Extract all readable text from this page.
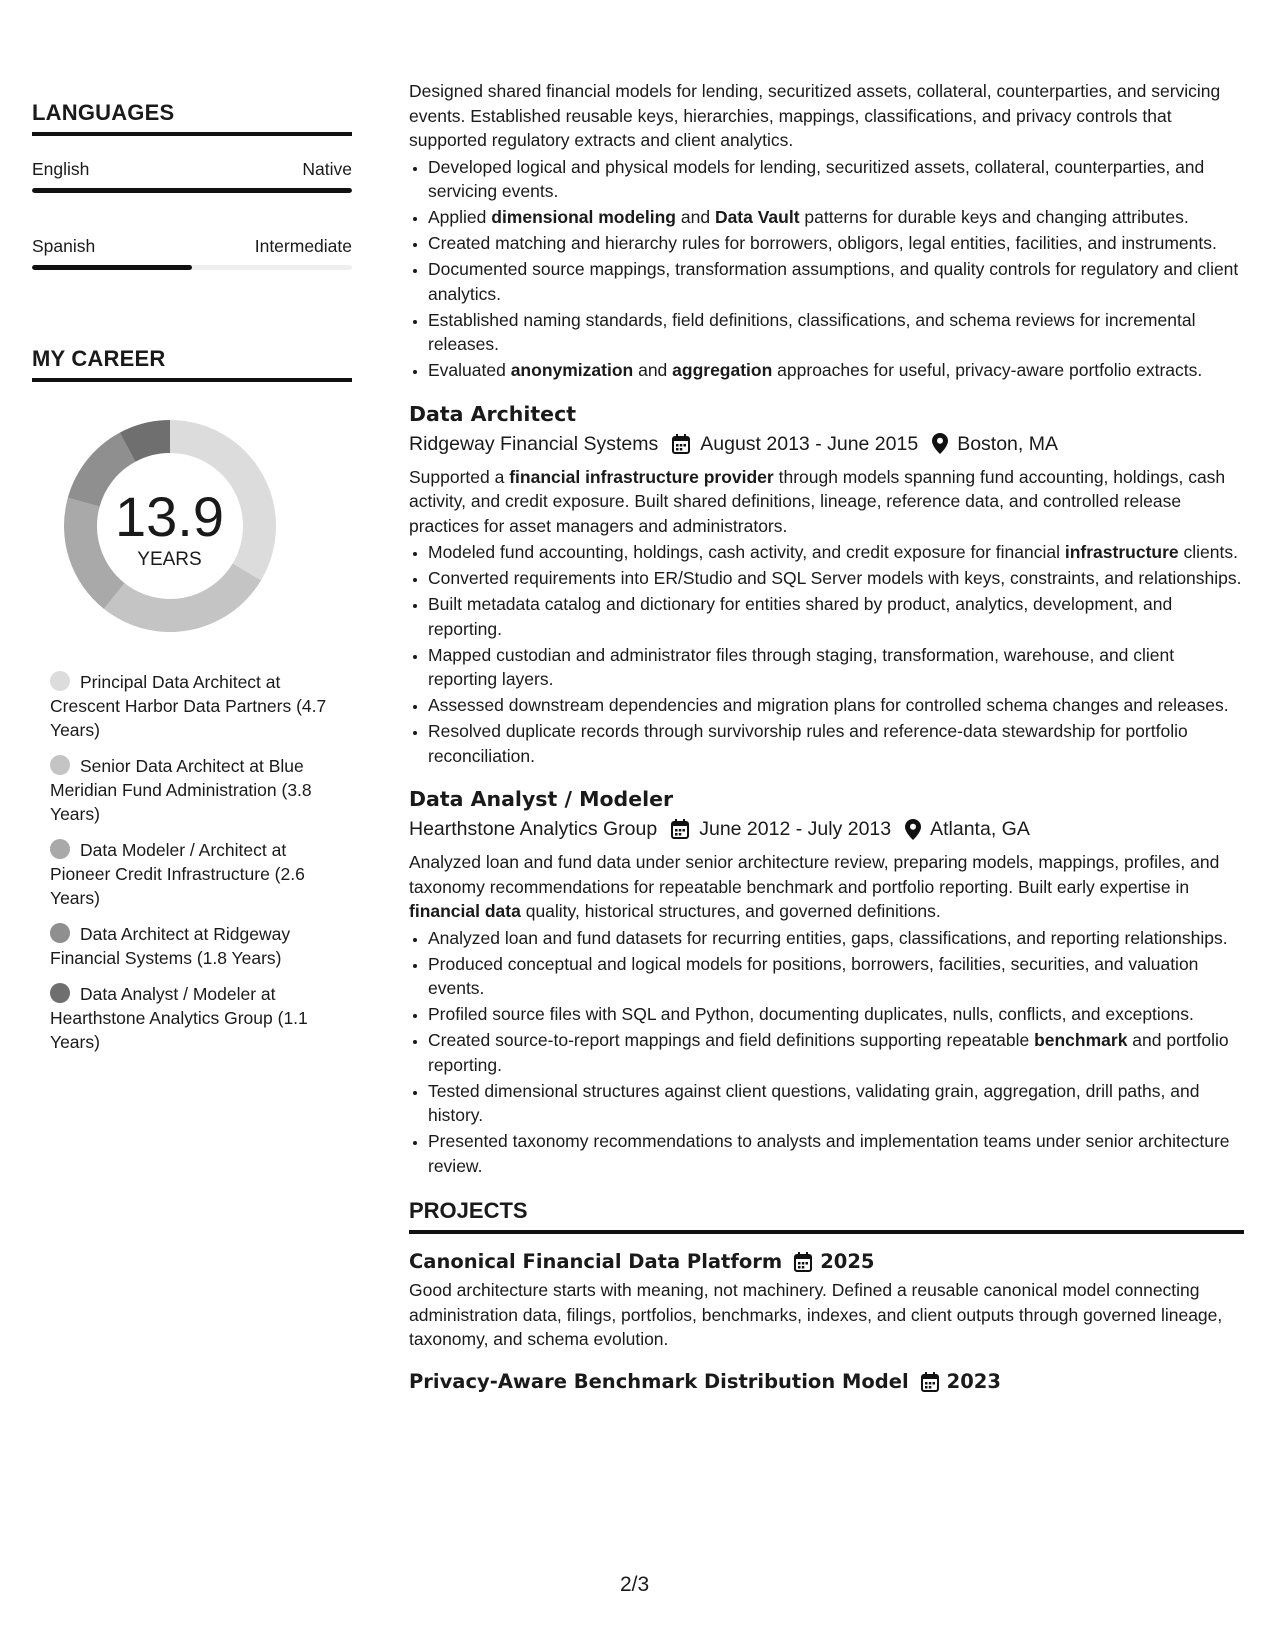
LANGUAGES
English	Native
Spanish	Intermediate
MY CAREER
13.9
YEARS
Principal Data Architect at Crescent Harbor Data Partners (4.7 Years)
Senior Data Architect at Blue Meridian Fund Administration (3.8 Years)
Data Modeler / Architect at Pioneer Credit Infrastructure (2.6 Years)
Data Architect at Ridgeway Financial Systems (1.8 Years)
Data Analyst / Modeler at Hearthstone Analytics Group (1.1 Years)

Designed shared financial models for lending, securitized assets, collateral, counterparties, and servicing events. Established reusable keys, hierarchies, mappings, classifications, and privacy controls that supported regulatory extracts and client analytics.

• Developed logical and physical models for lending, securitized assets, collateral, counterparties, and servicing events.
• Applied dimensional modeling and Data Vault patterns for durable keys and changing attributes.
• Created matching and hierarchy rules for borrowers, obligors, legal entities, facilities, and instruments.
• Documented source mappings, transformation assumptions, and quality controls for regulatory and client analytics.
• Established naming standards, field definitions, classifications, and schema reviews for incremental releases.
• Evaluated anonymization and aggregation approaches for useful, privacy-aware portfolio extracts.
Data Architect
Ridgeway Financial Systems August 2013 - June 2015 Boston, MA

Supported a financial infrastructure provider through models spanning fund accounting, holdings, cash activity, and credit exposure. Built shared definitions, lineage, reference data, and controlled release practices for asset managers and administrators.

• Modeled fund accounting, holdings, cash activity, and credit exposure for financial infrastructure clients.
• Converted requirements into ER/Studio and SQL Server models with keys, constraints, and relationships.
• Built metadata catalog and dictionary for entities shared by product, analytics, development, and reporting.
• Mapped custodian and administrator files through staging, transformation, warehouse, and client reporting layers.
• Assessed downstream dependencies and migration plans for controlled schema changes and releases.
• Resolved duplicate records through survivorship rules and reference-data stewardship for portfolio reconciliation.
Data Analyst / Modeler
Hearthstone Analytics Group June 2012 - July 2013 Atlanta, GA

Analyzed loan and fund data under senior architecture review, preparing models, mappings, profiles, and taxonomy recommendations for repeatable benchmark and portfolio reporting. Built early expertise in financial data quality, historical structures, and governed definitions.

• Analyzed loan and fund datasets for recurring entities, gaps, classifications, and reporting relationships.
• Produced conceptual and logical models for positions, borrowers, facilities, securities, and valuation events.
• Profiled source files with SQL and Python, documenting duplicates, nulls, conflicts, and exceptions.
• Created source-to-report mappings and field definitions supporting repeatable benchmark and portfolio reporting.
• Tested dimensional structures against client questions, validating grain, aggregation, drill paths, and history.
• Presented taxonomy recommendations to analysts and implementation teams under senior architecture review.
PROJECTS
Canonical Financial Data Platform 2025

Good architecture starts with meaning, not machinery. Defined a reusable canonical model connecting administration data, filings, portfolios, benchmarks, indexes, and client outputs through governed lineage, taxonomy, and schema evolution.

Privacy-Aware Benchmark Distribution Model 2023
2/3
